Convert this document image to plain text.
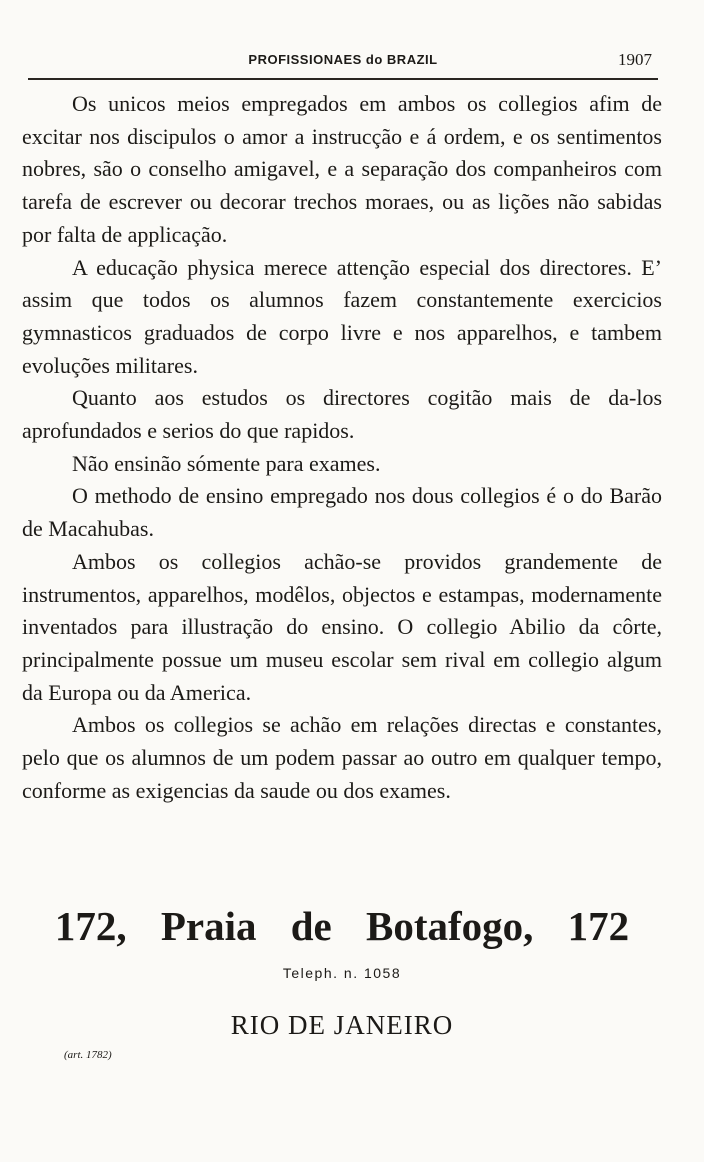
PROFISSIONAES do BRAZIL	1907

Os unicos meios empregados em ambos os collegios afim de excitar nos discipulos o amor a instrucção e á ordem, e os sentimentos nobres, são o conselho amigavel, e a separação dos companheiros com tarefa de escrever ou decorar trechos moraes, ou as lições não sabidas por falta de applicação.

A educação physica merece attenção especial dos directores. E’ assim que todos os alumnos fazem constantemente exercicios gymnasticos graduados de corpo livre e nos apparelhos, e tambem evoluções militares.

Quanto aos estudos os directores cogitão mais de da-los aprofundados e serios do que rapidos.

Não ensinão sómente para exames.

O methodo de ensino empregado nos dous collegios é o do Barão de Macahubas.

Ambos os collegios achão-se providos grandemente de instrumentos, apparelhos, modêlos, objectos e estampas, modernamente inventados para illustração do ensino. O collegio Abilio da côrte, principalmente possue um museu escolar sem rival em collegio algum da Europa ou da America.

Ambos os collegios se achão em relações directas e constantes, pelo que os alumnos de um podem passar ao outro em qualquer tempo, conforme as exigencias da saude ou dos exames.

172, Praia de Botafogo, 172
Teleph. n. 1058
RIO DE JANEIRO
(art. 1782)
